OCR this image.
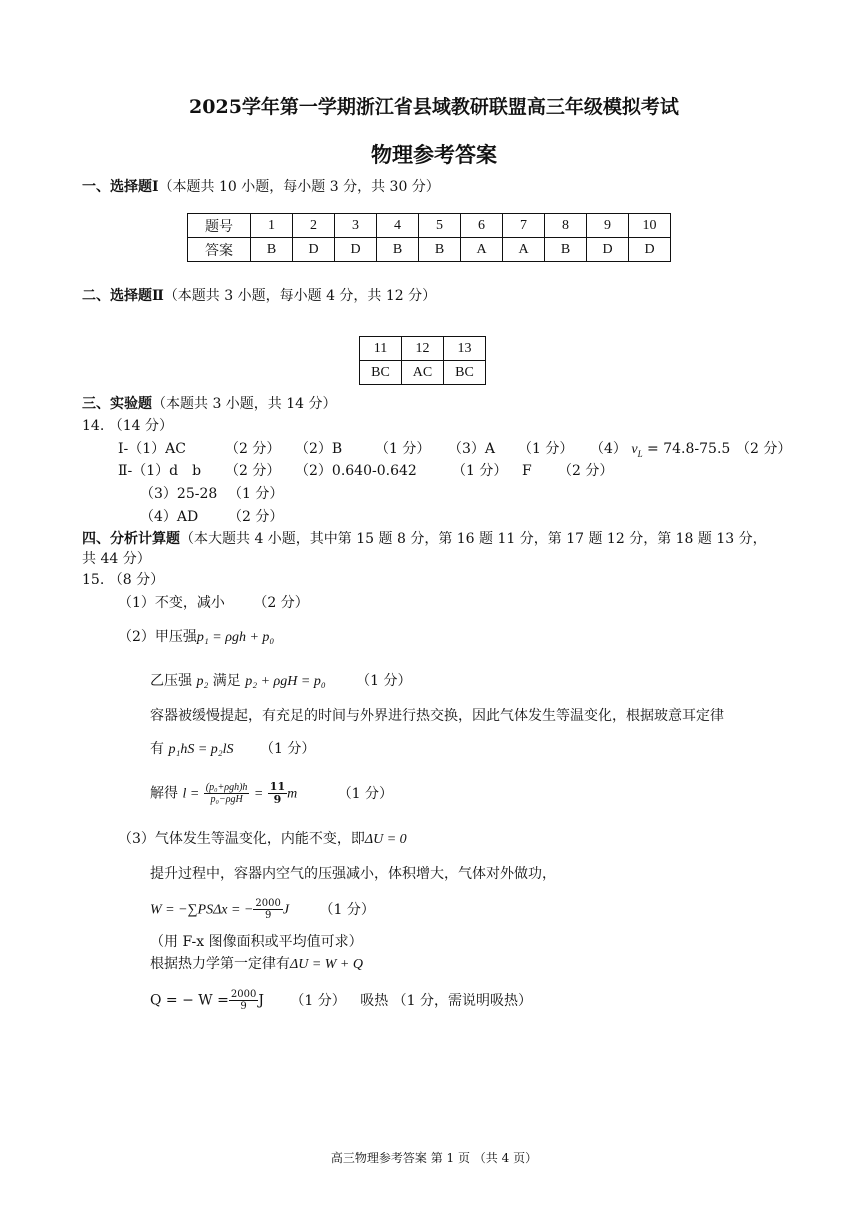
2025学年第一学期浙江省县域教研联盟高三年级模拟考试
物理参考答案
一、选择题Ⅰ（本题共 10 小题，每小题 3 分，共 30 分）
题号	1	2	3	4	5	6	7	8	9	10
答案	B	D	D	B	B	A	A	B	D	D
二、选择题Ⅱ（本题共 3 小题，每小题 4 分，共 12 分）
11	12	13
BC	AC	BC
三、实验题（本题共 3 小题，共 14 分）
14. （14 分）
Ⅰ-（1）AC	（2 分） （2）B （1 分） （3）A （1 分） （4） $v_L = 74.8-75.5$ （2 分）
Ⅱ-（1）d　b （2 分） （2）0.640-0.642	（1 分） F （2 分）
（3）25-28 （1 分）
（4）AD （2 分）
四、分析计算题（本大题共 4 小题，其中第 15 题 8 分，第 16 题 11 分，第 17 题 12 分，第 18 题 13 分，
共 44 分）
15. （8 分）
（1）不变，减小 （2 分）
（2）甲压强p₁ = ρgh + p₀
乙压强 p₂ 满足 p₂ + ρgH = p₀ （1 分）
容器被缓慢提起，有充足的时间与外界进行热交换，因此气体发生等温变化，根据玻意耳定律
有 p₁hS = p₂lS （1 分）
解得 $l = \frac{\text{(p₀+ρgh)h}}{\text{p₀−ρgH}} = \frac{11}{9}$ m	（1 分）
（3）气体发生等温变化，内能不变，即ΔU = 0
提升过程中，容器内空气的压强减小，体积增大，气体对外做功，
W = −∑PSΔx = − $\frac{2000}{9}$ J （1 分）
（用 F-x 图像面积或平均值可求）
根据热力学第一定律有ΔU = W + Q
Q = − $W = \frac{2000}{9}$ J （1 分） 吸热 （1 分，需说明吸热）
高三物理参考答案 第 1 页 （共 4 页）
